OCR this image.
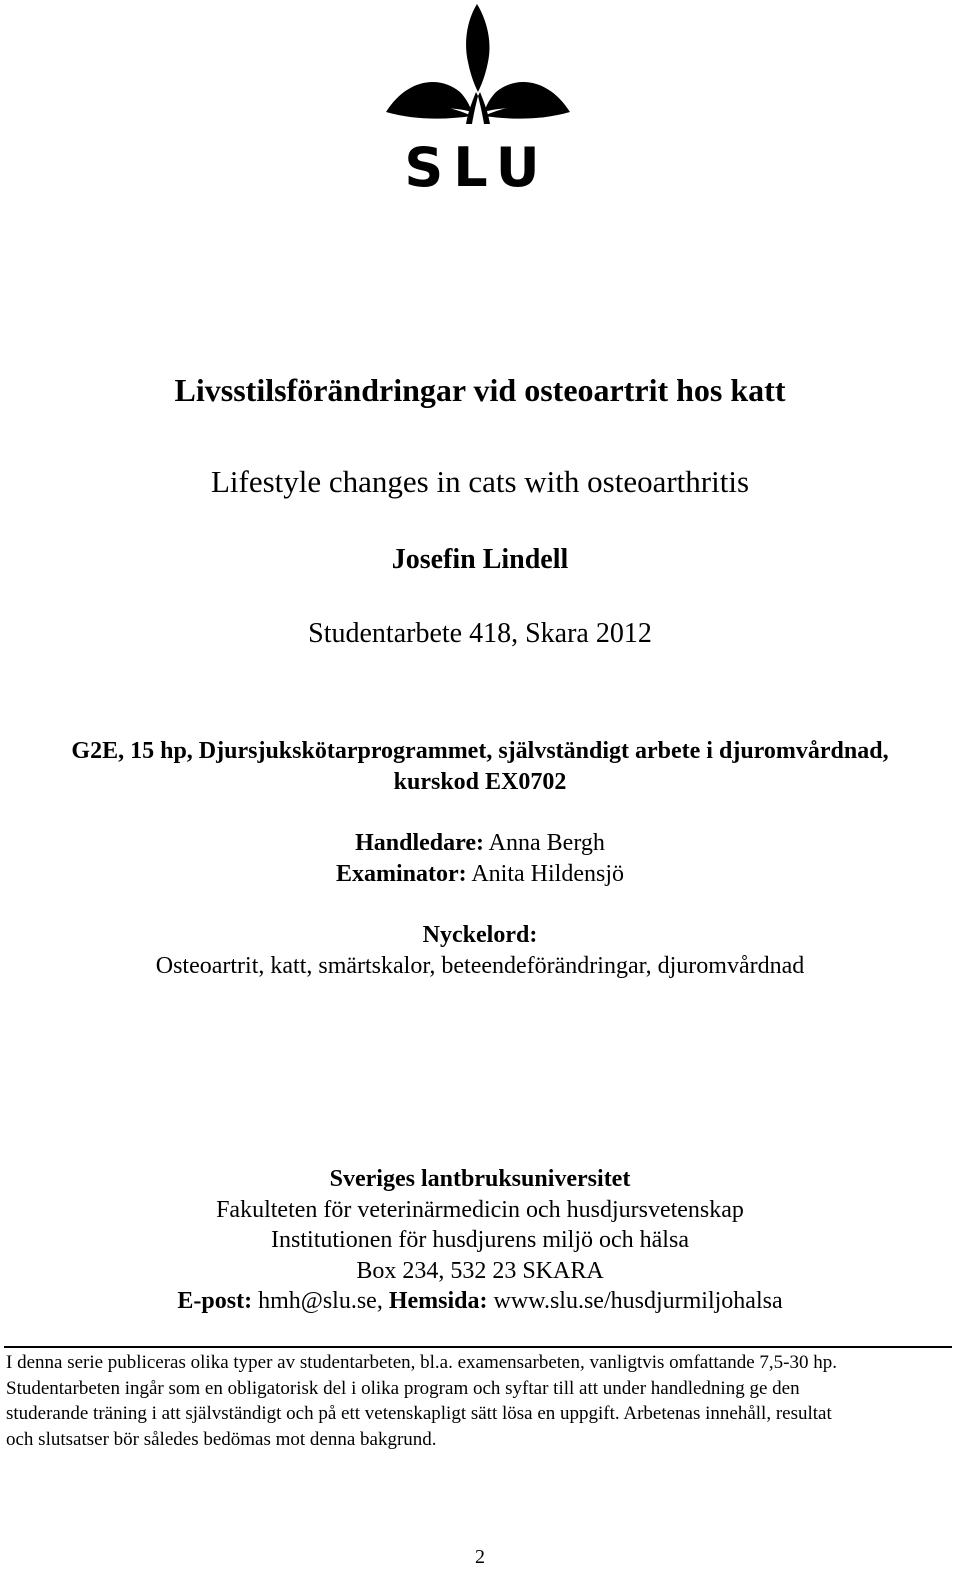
SLU
Livsstilsförändringar vid osteoartrit hos katt
Lifestyle changes in cats with osteoarthritis
Josefin Lindell
Studentarbete 418, Skara 2012
G2E, 15 hp, Djursjukskötarprogrammet, självständigt arbete i djuromvårdnad,
kurskod EX0702
Handledare: Anna Bergh
Examinator: Anita Hildensjö
Nyckelord:
Osteoartrit, katt, smärtskalor, beteendeförändringar, djuromvårdnad
Sveriges lantbruksuniversitet
Fakulteten för veterinärmedicin och husdjursvetenskap
Institutionen för husdjurens miljö och hälsa
Box 234, 532 23 SKARA
E-post: hmh@slu.se, Hemsida: www.slu.se/husdjurmiljohalsa
I denna serie publiceras olika typer av studentarbeten, bl.a. examensarbeten, vanligtvis omfattande 7,5-30 hp.
Studentarbeten ingår som en obligatorisk del i olika program och syftar till att under handledning ge den
studerande träning i att självständigt och på ett vetenskapligt sätt lösa en uppgift. Arbetenas innehåll, resultat
och slutsatser bör således bedömas mot denna bakgrund.
2
